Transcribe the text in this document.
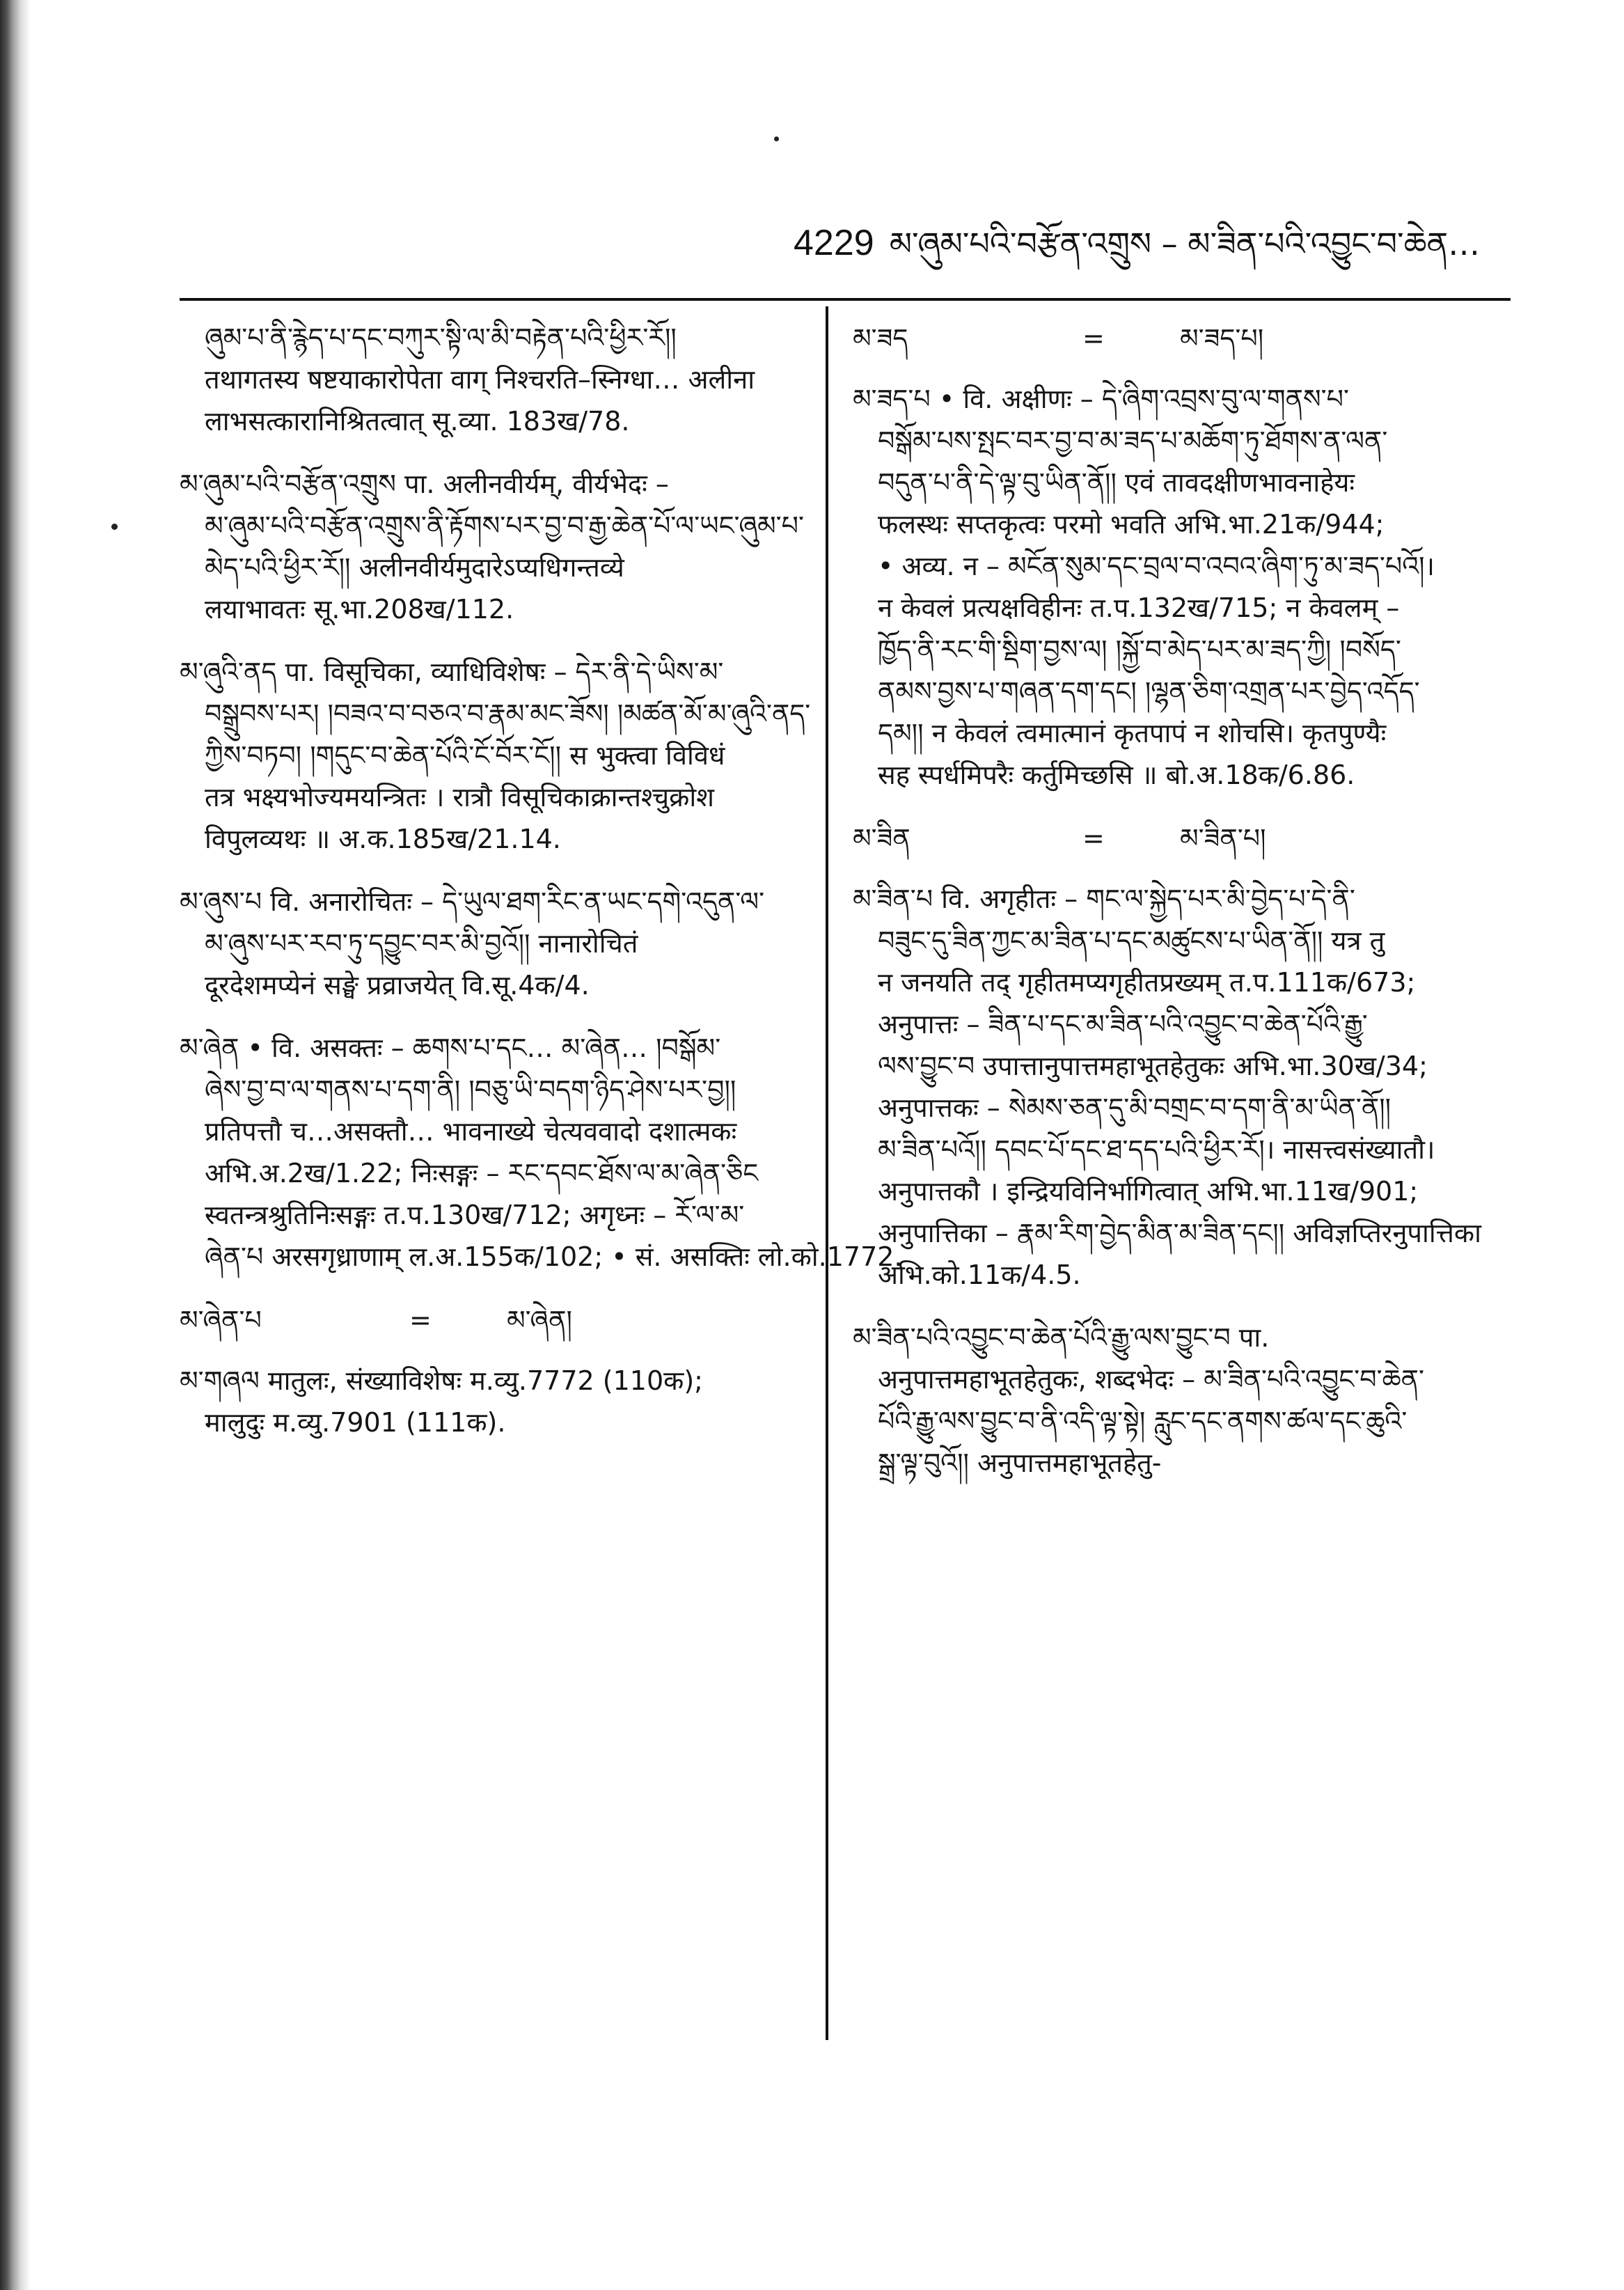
4229 མ་ཞུམ་པའི་བརྩོན་འགྲུས – མ་ཟིན་པའི་འབྱུང་བ་ཆེན…
ཞུམ་པ་ནི་རྙེད་པ་དང་བཀུར་སྟི་ལ་མི་བརྟེན་པའི་ཕྱིར་རོ།།
तथागतस्य षष्टयाकारोपेता वाग् निश्चरति–स्निग्धा… अलीना
लाभसत्कारानिश्रितत्वात् सू.व्या. 183ख/78.
མ་ཞུམ་པའི་བརྩོན་འགྲུས पा. अलीनवीर्यम्, वीर्यभेदः –
མ་ཞུམ་པའི་བརྩོན་འགྲུས་ནི་རྟོགས་པར་བྱ་བ་རྒྱ་ཆེན་པོ་ལ་ཡང་ཞུམ་པ་
མེད་པའི་ཕྱིར་རོ།། अलीनवीर्यमुदारेऽप्यधिगन्तव्ये
लयाभावतः सू.भा.208ख/112.
མ་ཞུའི་ནད पा. विसूचिका, व्याधिविशेषः – དེར་ནི་དེ་ཡིས་མ་
བསྒྲུབས་པར། །བཟའ་བ་བཅའ་བ་རྣམ་མང་ཟོས། །མཚན་མོ་མ་ཞུའི་ནད་
ཀྱིས་བཏབ། །གདུང་བ་ཆེན་པོའི་ངོ་བོར་ངོ།། स भुक्त्वा विविधं
तत्र भक्ष्यभोज्यमयन्त्रितः । रात्रौ विसूचिकाक्रान्तश्चुक्रोश
विपुलव्यथः ॥ अ.क.185ख/21.14.
མ་ཞུས་པ वि. अनारोचितः – དེ་ཡུལ་ཐག་རིང་ན་ཡང་དགེ་འདུན་ལ་
མ་ཞུས་པར་རབ་ཏུ་དབྱུང་བར་མི་བྱའོ།། नानारोचितं
दूरदेशमप्येनं सङ्घे प्रव्राजयेत् वि.सू.4क/4.
མ་ཞེན • वि. असक्तः – ཆགས་པ་དང… མ་ཞེན… །བསྒོམ་
ཞེས་བྱ་བ་ལ་གནས་པ་དག་ནི། །བཅུ་ཡི་བདག་ཉིད་ཤེས་པར་བྱ།།
प्रतिपत्तौ च…असक्तौ… भावनाख्ये चेत्यववादो दशात्मकः
अभि.अ.2ख/1.22; निःसङ्गः – རང་དབང་ཐོས་ལ་མ་ཞེན་ཅིང
स्वतन्त्रश्रुतिनिःसङ्गः त.प.130ख/712; अगृध्नः – རོ་ལ་མ་
ཞེན་པ अरसगृध्राणाम् ल.अ.155क/102; • सं. असक्तिः लो.को.1772.
མ་ཞེན་པ	=	མ་ཞེན།
མ་གཞལ मातुलः, संख्याविशेषः म.व्यु.7772 (110क);
मालुदुः म.व्यु.7901 (111क).
མ་ཟད	=	མ་ཟད་པ།
མ་ཟད་པ • वि. अक्षीणः – དེ་ཞིག་འབྲས་བུ་ལ་གནས་པ་
བསྒོམ་པས་སྤང་བར་བྱ་བ་མ་ཟད་པ་མཆོག་ཏུ་ཐོགས་ན་ལན་
བདུན་པ་ནི་དེ་ལྟ་བུ་ཡིན་ནོ།། एवं तावदक्षीणभावनाहेयः
फलस्थः सप्तकृत्वः परमो भवति अभि.भा.21क/944;
• अव्य. न – མངོན་སུམ་དང་བྲལ་བ་འབའ་ཞིག་ཏུ་མ་ཟད་པའོ།।
न केवलं प्रत्यक्षविहीनः त.प.132ख/715; न केवलम् –
ཁྱོད་ནི་རང་གི་སྡིག་བྱས་ལ། །སྐྱོ་བ་མེད་པར་མ་ཟད་ཀྱི། །བསོད་
ནམས་བྱས་པ་གཞན་དག་དང། །ལྷན་ཅིག་འགྲན་པར་བྱེད་འདོད་
དམ།། न केवलं त्वमात्मानं कृतपापं न शोचसि। कृतपुण्यैः
सह स्पर्धमिपरैः कर्तुमिच्छसि ॥ बो.अ.18क/6.86.
མ་ཟིན	=	མ་ཟིན་པ།
མ་ཟིན་པ वि. अगृहीतः – གང་ལ་སྐྱེད་པར་མི་བྱེད་པ་དེ་ནི་
བཟུང་དུ་ཟིན་ཀྱང་མ་ཟིན་པ་དང་མཚུངས་པ་ཡིན་ནོ།། यत्र तु
न जनयति तद् गृहीतमप्यगृहीतप्रख्यम् त.प.111क/673;
अनुपात्तः – ཟིན་པ་དང་མ་ཟིན་པའི་འབྱུང་བ་ཆེན་པོའི་རྒྱུ་
ལས་བྱུང་བ उपात्तानुपात्तमहाभूतहेतुकः अभि.भा.30ख/34;
अनुपात्तकः – སེམས་ཅན་དུ་མི་བགྲང་བ་དག་ནི་མ་ཡིན་ནོ།།
མ་ཟིན་པའོ།། དབང་པོ་དང་ཐ་དད་པའི་ཕྱིར་རོ།। नासत्त्वसंख्यातौ।
अनुपात्तकौ । इन्द्रियविनिर्भागित्वात् अभि.भा.11ख/901;
अनुपात्तिका – རྣམ་རིག་བྱེད་མིན་མ་ཟིན་དང།། अविज्ञप्तिरनुपात्तिका
अभि.को.11क/4.5.
མ་ཟིན་པའི་འབྱུང་བ་ཆེན་པོའི་རྒྱུ་ལས་བྱུང་བ पा.
अनुपात्तमहाभूतहेतुकः, शब्दभेदः – མ་ཟིན་པའི་འབྱུང་བ་ཆེན་
པོའི་རྒྱུ་ལས་བྱུང་བ་ནི་འདི་ལྟ་སྟེ། རླུང་དང་ནགས་ཚལ་དང་ཆུའི་
སྒྲ་ལྟ་བུའོ།། अनुपात्तमहाभूतहेतु-
